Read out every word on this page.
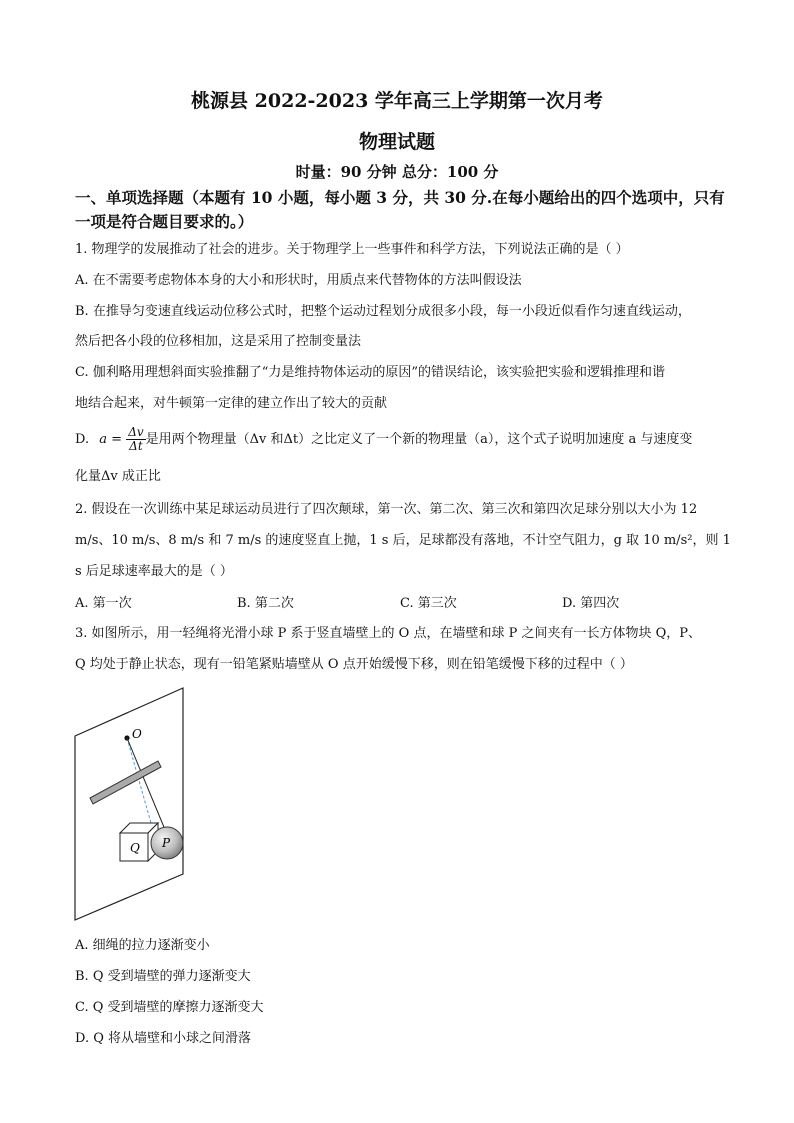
桃源县 2022-2023 学年高三上学期第一次月考
物理试题
时量：90 分钟 总分：100 分
一、单项选择题（本题有 10 小题，每小题 3 分，共 30 分.在每小题给出的四个选项中，只有一项是符合题目要求的。）
1. 物理学的发展推动了社会的进步。关于物理学上一些事件和科学方法，下列说法正确的是（ ）
A. 在不需要考虑物体本身的大小和形状时，用质点来代替物体的方法叫假设法
B. 在推导匀变速直线运动位移公式时，把整个运动过程划分成很多小段，每一小段近似看作匀速直线运动，
然后把各小段的位移相加，这是采用了控制变量法
C. 伽利略用理想斜面实验推翻了“力是维持物体运动的原因”的错误结论，该实验把实验和逻辑推理和谐
地结合起来，对牛顿第一定律的建立作出了较大的贡献
D. $a = \frac{\Delta v}{\Delta t}$ 是用两个物理量（Δv 和Δt）之比定义了一个新的物理量（a），这个式子说明加速度 a 与速度变
化量Δv 成正比
2. 假设在一次训练中某足球运动员进行了四次颠球，第一次、第二次、第三次和第四次足球分别以大小为 12
m/s、10 m/s、8 m/s 和 7 m/s 的速度竖直上抛，1 s 后，足球都没有落地，不计空气阻力，g 取 10 m/s²，则 1
s 后足球速率最大的是（ ）
A. 第一次	B. 第二次	C. 第三次	D. 第四次
3. 如图所示，用一轻绳将光滑小球 P 系于竖直墙壁上的 O 点，在墙壁和球 P 之间夹有一长方体物块 Q，P、
Q 均处于静止状态，现有一铅笔紧贴墙壁从 O 点开始缓慢下移，则在铅笔缓慢下移的过程中（ ）
O
Q P
A. 细绳的拉力逐渐变小
B. Q 受到墙壁的弹力逐渐变大
C. Q 受到墙壁的摩擦力逐渐变大
D. Q 将从墙壁和小球之间滑落
